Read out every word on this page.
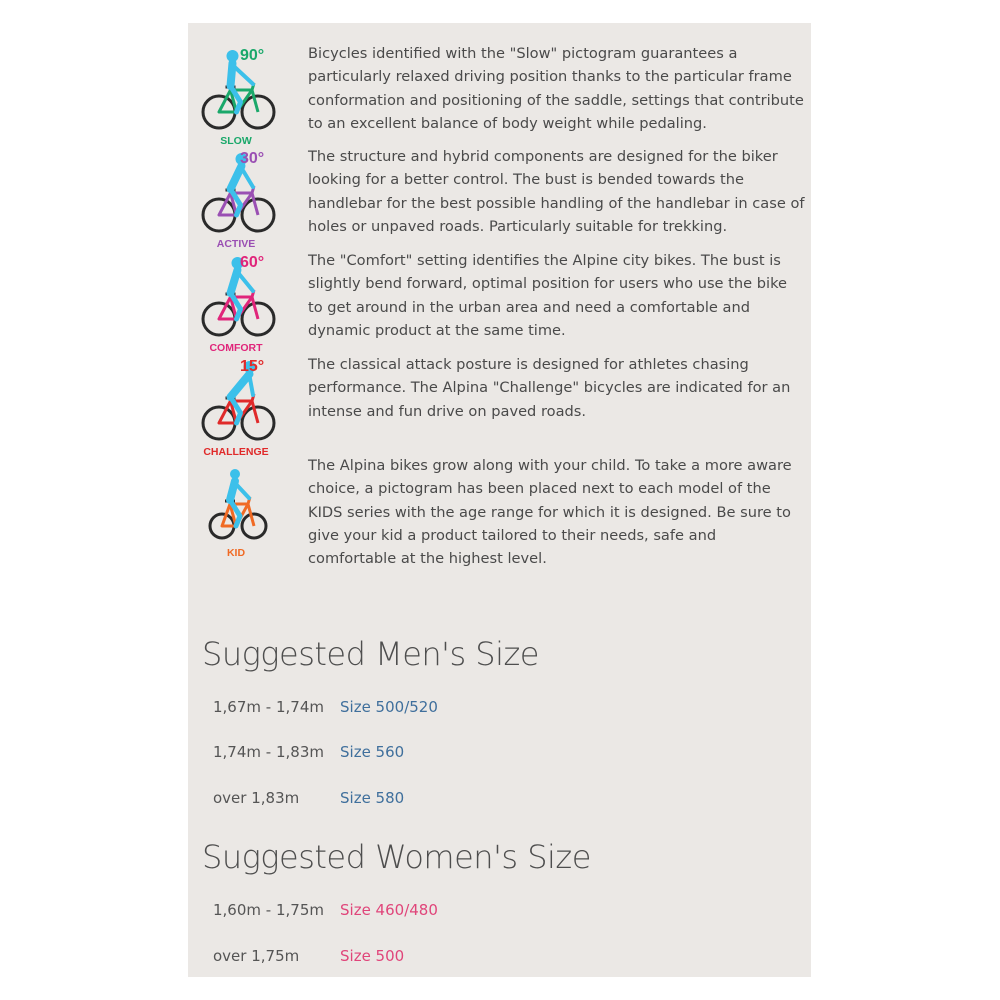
90°
SLOW
Bicycles identified with the "Slow" pictogram guarantees a particularly relaxed driving position thanks to the particular frame conformation and positioning of the saddle, settings that contribute to an excellent balance of body weight while pedaling.
30°
ACTIVE
The structure and hybrid components are designed for the biker looking for a better control. The bust is bended towards the handlebar for the best possible handling of the handlebar in case of holes or unpaved roads. Particularly suitable for trekking.
60°
COMFORT
The "Comfort" setting identifies the Alpine city bikes. The bust is slightly bend forward, optimal position for users who use the bike to get around in the urban area and need a comfortable and dynamic product at the same time.
15°
CHALLENGE
The classical attack posture is designed for athletes chasing performance. The Alpina "Challenge" bicycles are indicated for an intense and fun drive on paved roads.
KID
The Alpina bikes grow along with your child. To take a more aware choice, a pictogram has been placed next to each model of the KIDS series with the age range for which it is designed. Be sure to give your kid a product tailored to their needs, safe and comfortable at the highest level.
Suggested Men's Size
1,67m - 1,74m Size 500/520
1,74m - 1,83m Size 560
over 1,83m	Size 580
Suggested Women's Size
1,60m - 1,75m Size 460/480
over 1,75m	Size 500
